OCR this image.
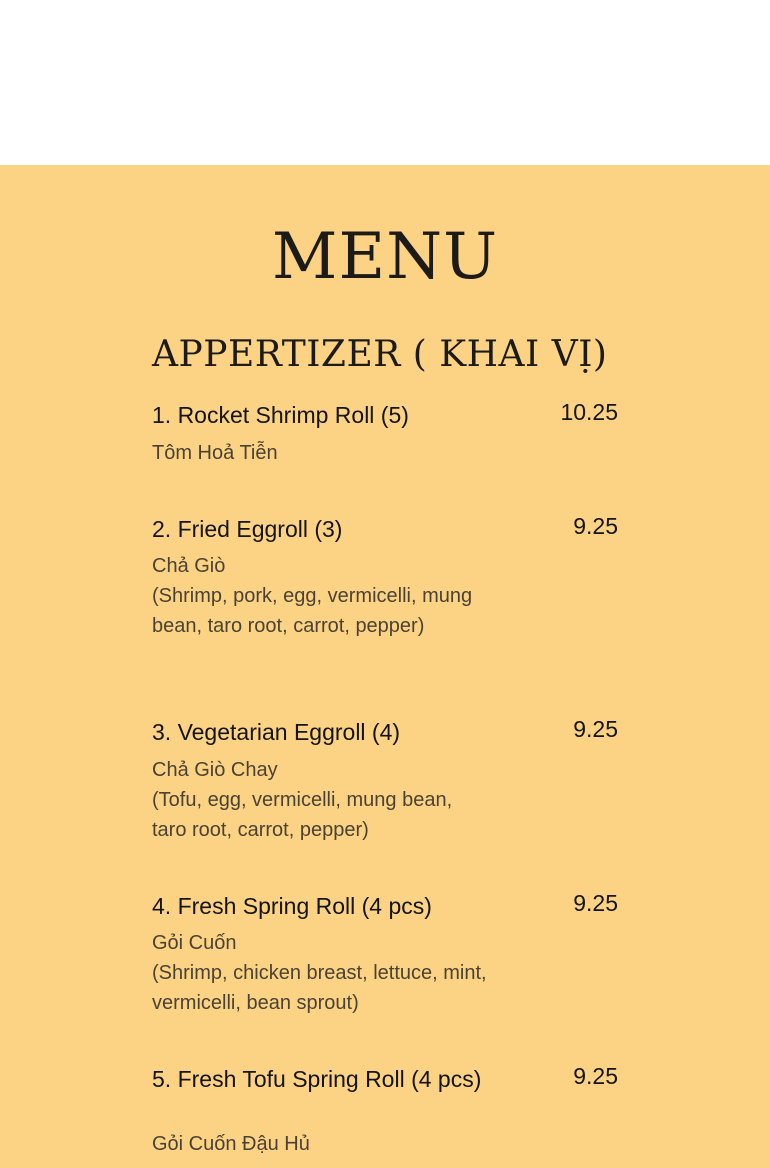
MENU
APPERTIZER ( KHAI VỊ)
1. Rocket Shrimp Roll (5)	10.25
Tôm Hoả Tiễn
2. Fried Eggroll (3)	9.25
Chả Giò
(Shrimp, pork, egg, vermicelli, mung bean, taro root, carrot, pepper)
3. Vegetarian Eggroll (4)	9.25
Chả Giò Chay
(Tofu, egg, vermicelli, mung bean, taro root, carrot, pepper)
4. Fresh Spring Roll (4 pcs)	9.25
Gỏi Cuốn
(Shrimp, chicken breast, lettuce, mint, vermicelli, bean sprout)
5. Fresh Tofu Spring Roll (4 pcs)	9.25
Gỏi Cuốn Đậu Hủ
